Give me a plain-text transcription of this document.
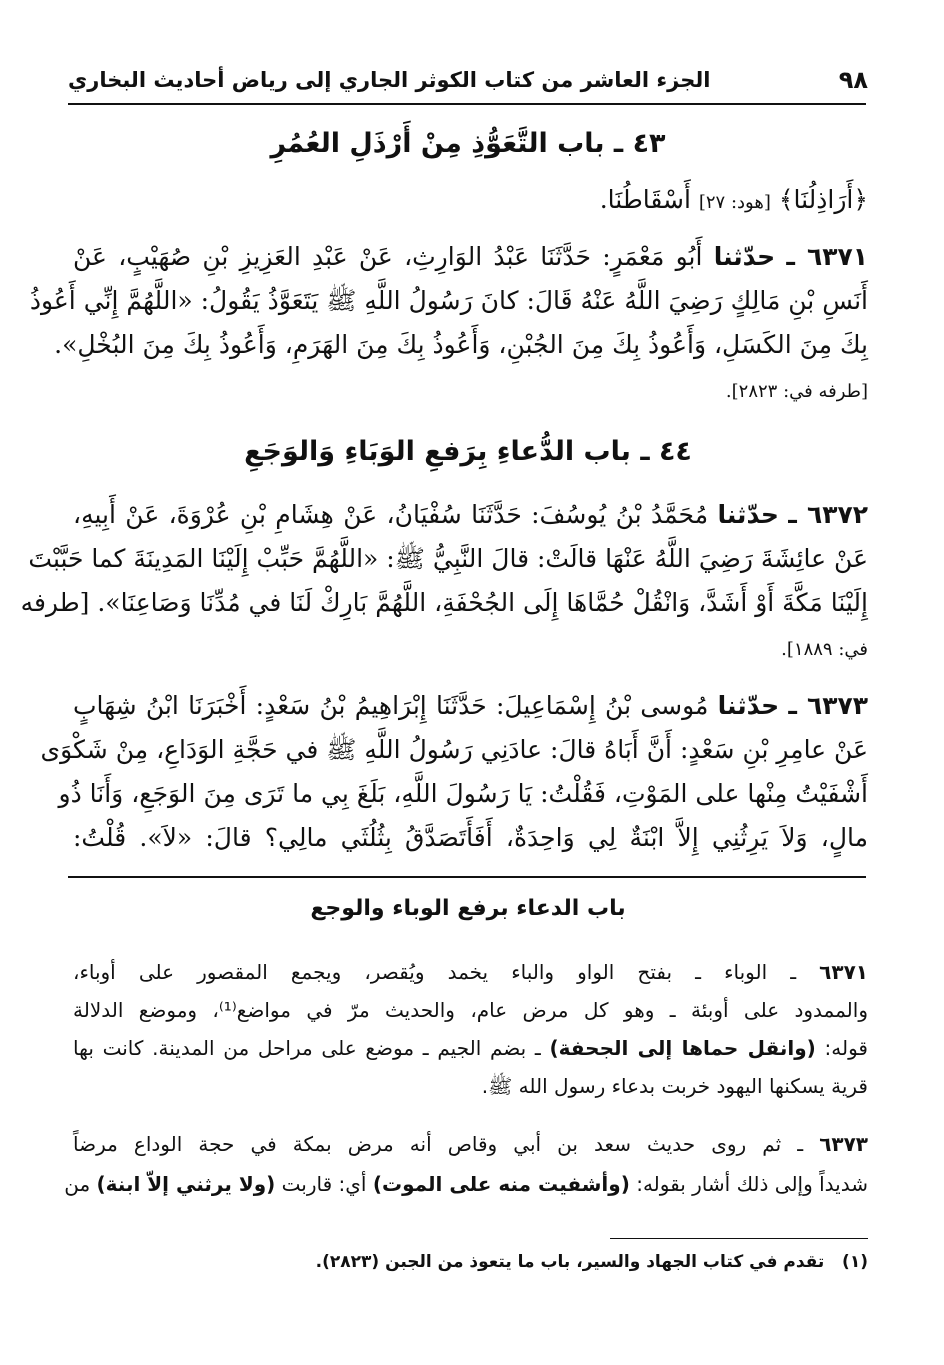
٩٨
الجزء العاشر من كتاب الكوثر الجاري إلى رياض أحاديث البخاري
٤٣ ـ باب التَّعَوُّذِ مِنْ أَرْذَلِ العُمُرِ
﴿أَرَاذِلُنَا﴾ [هود: ٢٧] أَسْقَاطُنَا.
٦٣٧١ ـ حدّثنا أَبُو مَعْمَرٍ: حَدَّثَنَا عَبْدُ الوَارِثِ، عَنْ عَبْدِ العَزِيزِ بْنِ صُهَيْبٍ، عَنْ
أَنَسِ بْنِ مَالِكٍ رَضِيَ اللَّهُ عَنْهُ قَالَ: كانَ رَسُولُ اللَّهِ ﷺ يَتَعَوَّذُ يَقُولُ: «اللَّهُمَّ إِنِّي أَعُوذُ
بِكَ مِنَ الكَسَلِ، وَأَعُوذُ بِكَ مِنَ الجُبْنِ، وَأَعُوذُ بِكَ مِنَ الهَرَمِ، وَأَعُوذُ بِكَ مِنَ البُخْلِ».
[طرفه في: ٢٨٢٣].
٤٤ ـ باب الدُّعاءِ بِرَفعِ الوَبَاءِ وَالوَجَعِ
٦٣٧٢ ـ حدّثنا مُحَمَّدُ بْنُ يُوسُفَ: حَدَّثَنَا سُفْيَانُ، عَنْ هِشَامِ بْنِ عُرْوَةَ، عَنْ أَبِيهِ،
عَنْ عائِشَةَ رَضِيَ اللَّهُ عَنْهَا قالَتْ: قالَ النَّبِيُّ ﷺ: «اللَّهُمَّ حَبِّبْ إِلَيْنَا المَدِينَةَ كما حَبَّبْتَ
إِلَيْنَا مَكَّةَ أَوْ أَشَدَّ، وَانْقُلْ حُمَّاهَا إِلَى الجُحْفَةِ، اللَّهُمَّ بَارِكْ لَنَا في مُدِّنَا وَصَاعِنَا». [طرفه
في: ١٨٨٩].
٦٣٧٣ ـ حدّثنا مُوسى بْنُ إِسْمَاعِيلَ: حَدَّثَنَا إِبْرَاهِيمُ بْنُ سَعْدٍ: أَخْبَرَنَا ابْنُ شِهَابٍ
عَنْ عامِرِ بْنِ سَعْدٍ: أَنَّ أَبَاهُ قالَ: عادَنِي رَسُولُ اللَّهِ ﷺ في حَجَّةِ الوَدَاعِ، مِنْ شَكْوَى
أَشْفَيْتُ مِنْها على المَوْتِ، فَقُلْتُ: يَا رَسُولَ اللَّهِ، بَلَغَ بِي ما تَرَى مِنَ الوَجَعِ، وَأَنَا ذُو
مالٍ، وَلاَ يَرِثُنِي إِلاَّ ابْنَةٌ لِي وَاحِدَةٌ، أَفَأَتَصَدَّقُ بِثُلُثَي مالِي؟ قالَ: «لاَ». قُلْتُ:
باب الدعاء برفع الوباء والوجع
٦٣٧١ ـ الوباء ـ بفتح الواو والباء يخمد ويُقصر، ويجمع المقصور على أوباء،
والممدود على أوبئة ـ وهو كل مرض عام، والحديث مرّ في مواضع⁽¹⁾، وموضع الدلالة
قوله: (وانقل حماها إلى الجحفة) ـ بضم الجيم ـ موضع على مراحل من المدينة. كانت بها
قرية يسكنها اليهود خربت بدعاء رسول الله ﷺ.
٦٣٧٣ ـ ثم روى حديث سعد بن أبي وقاص أنه مرض بمكة في حجة الوداع مرضاً
شديداً وإلى ذلك أشار بقوله: (وأشفيت منه على الموت) أي: قاربت (ولا يرثني إلاّ ابنة) من
(١)   تقدم في كتاب الجهاد والسير، باب ما يتعوذ من الجبن (٢٨٢٣).
